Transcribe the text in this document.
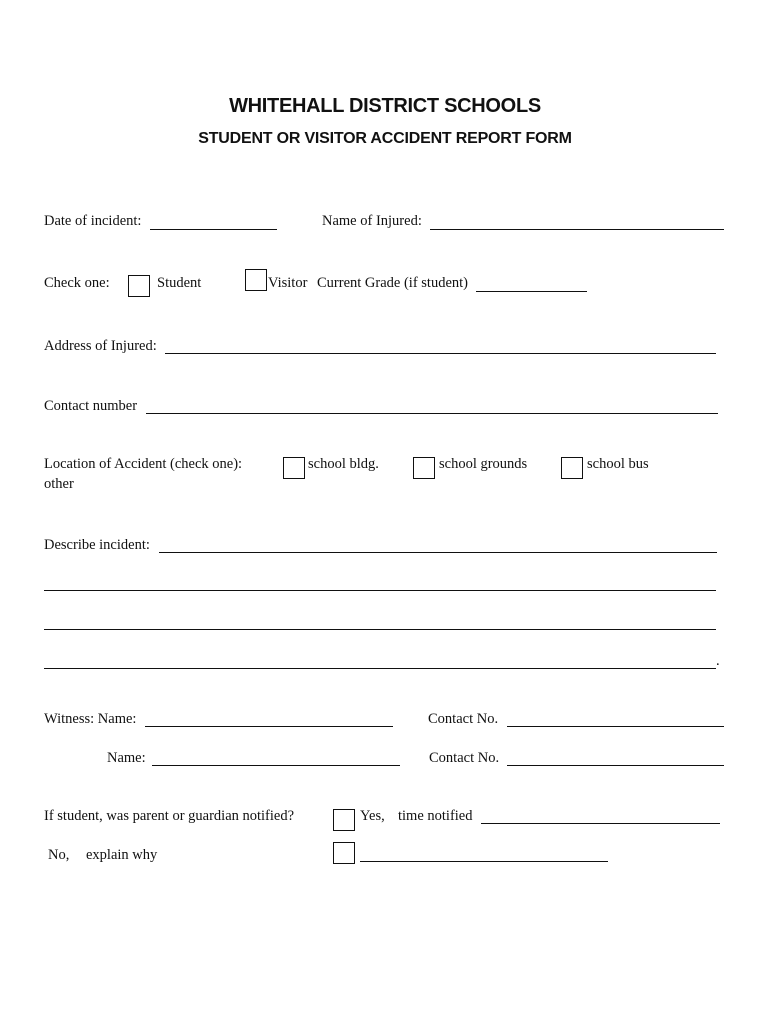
WHITEHALL DISTRICT SCHOOLS
STUDENT OR VISITOR ACCIDENT REPORT FORM
Date of incident:	Name of Injured:
Check one:	Student	Visitor Current Grade (if student)
Address of Injured:
Contact number
Location of Accident (check one):
other
school bldg.	school grounds	school bus
Describe incident:
.
Witness: Name:	Contact No.
Name:	Contact No.
If student, was parent or guardian notified?	Yes, time notified
No, explain why
